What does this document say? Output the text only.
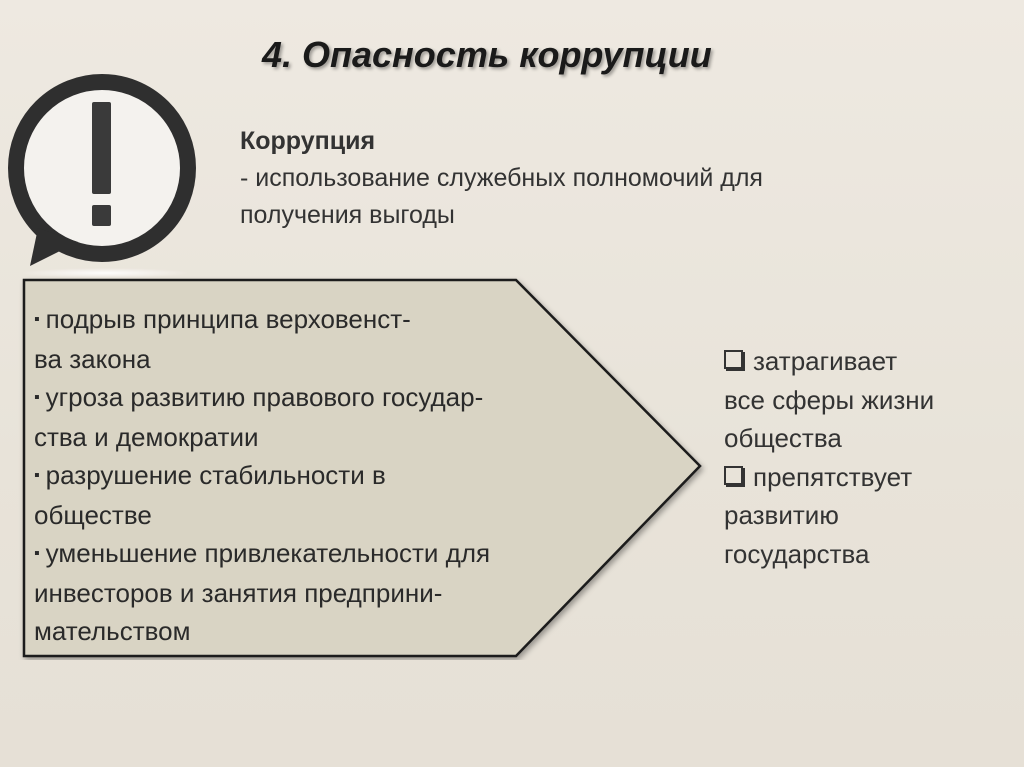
4. Опасность коррупции
Коррупция
- использование служебных полномочий для
получения выгоды
▪ подрыв принципа верховенст-
ва закона
▪ угроза развитию правового государ-
ства и демократии
▪ разрушение стабильности в
обществе
▪ уменьшение привлекательности для
инвесторов и занятия предприни-
мательством
затрагивает
все сферы жизни
общества
препятствует
развитию
государства
